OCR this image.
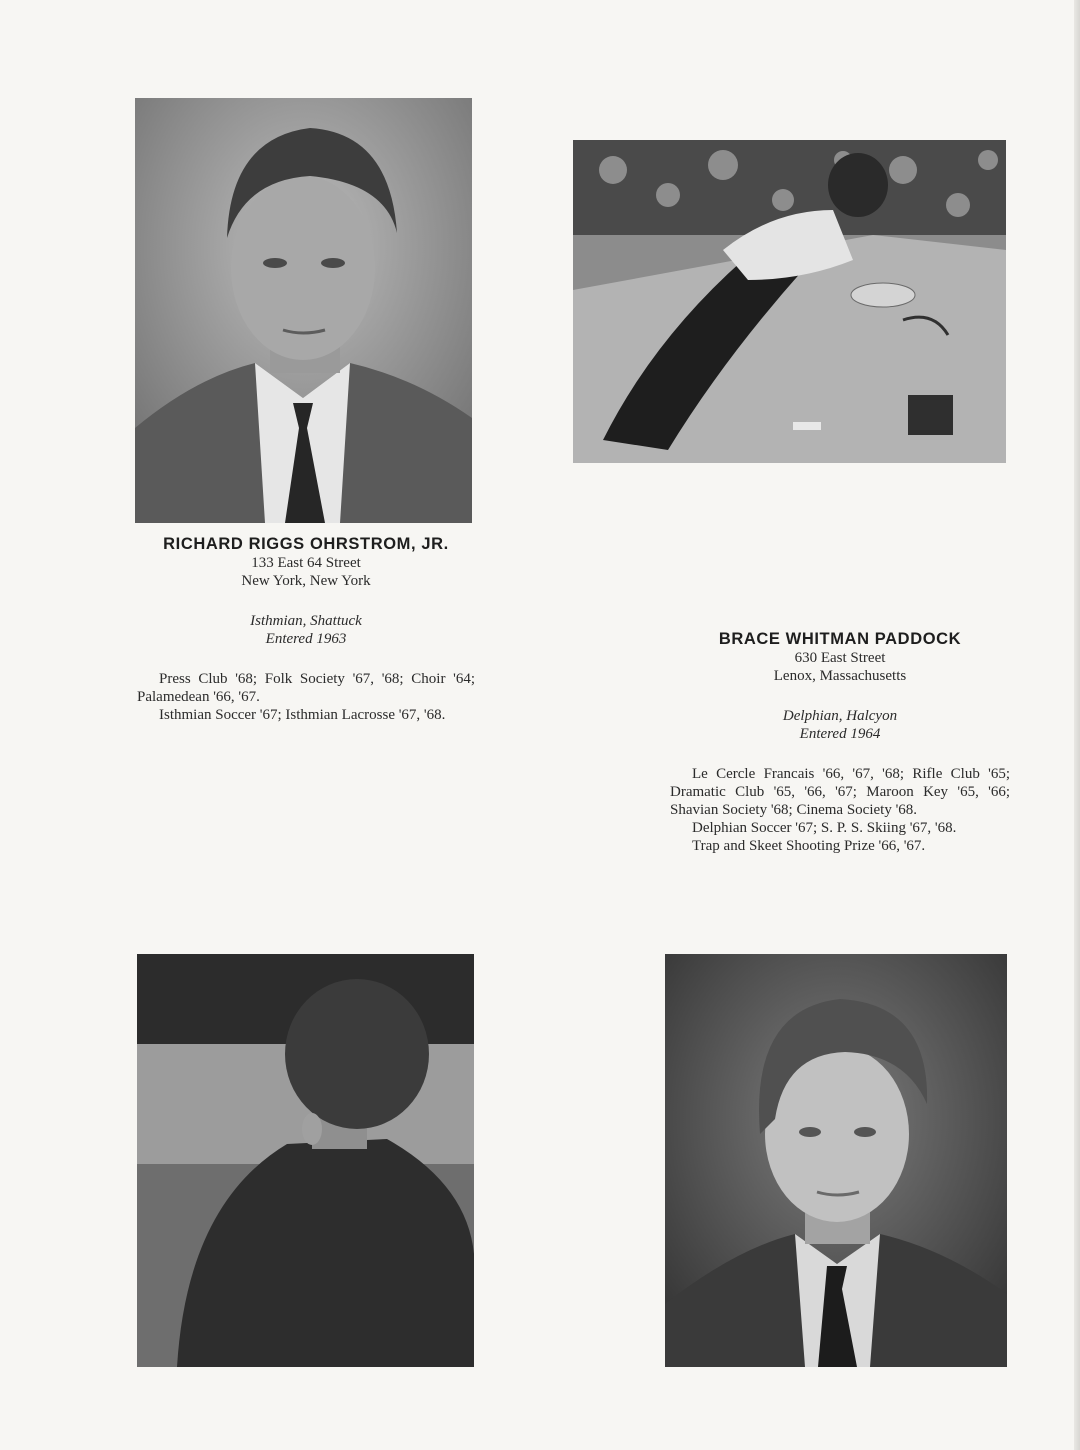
RICHARD RIGGS OHRSTROM, JR.
133 East 64 Street
New York, New York
Isthmian, Shattuck
Entered 1963

Press Club '68; Folk Society '67, '68; Choir '64; Palamedean '66, '67.

Isthmian Soccer '67; Isthmian Lacrosse '67, '68.

BRACE WHITMAN PADDOCK
630 East Street
Lenox, Massachusetts
Delphian, Halcyon
Entered 1964

Le Cercle Francais '66, '67, '68; Rifle Club '65; Dramatic Club '65, '66, '67; Maroon Key '65, '66; Shavian Society '68; Cinema Society '68.

Delphian Soccer '67; S. P. S. Skiing '67, '68.

Trap and Skeet Shooting Prize '66, '67.
